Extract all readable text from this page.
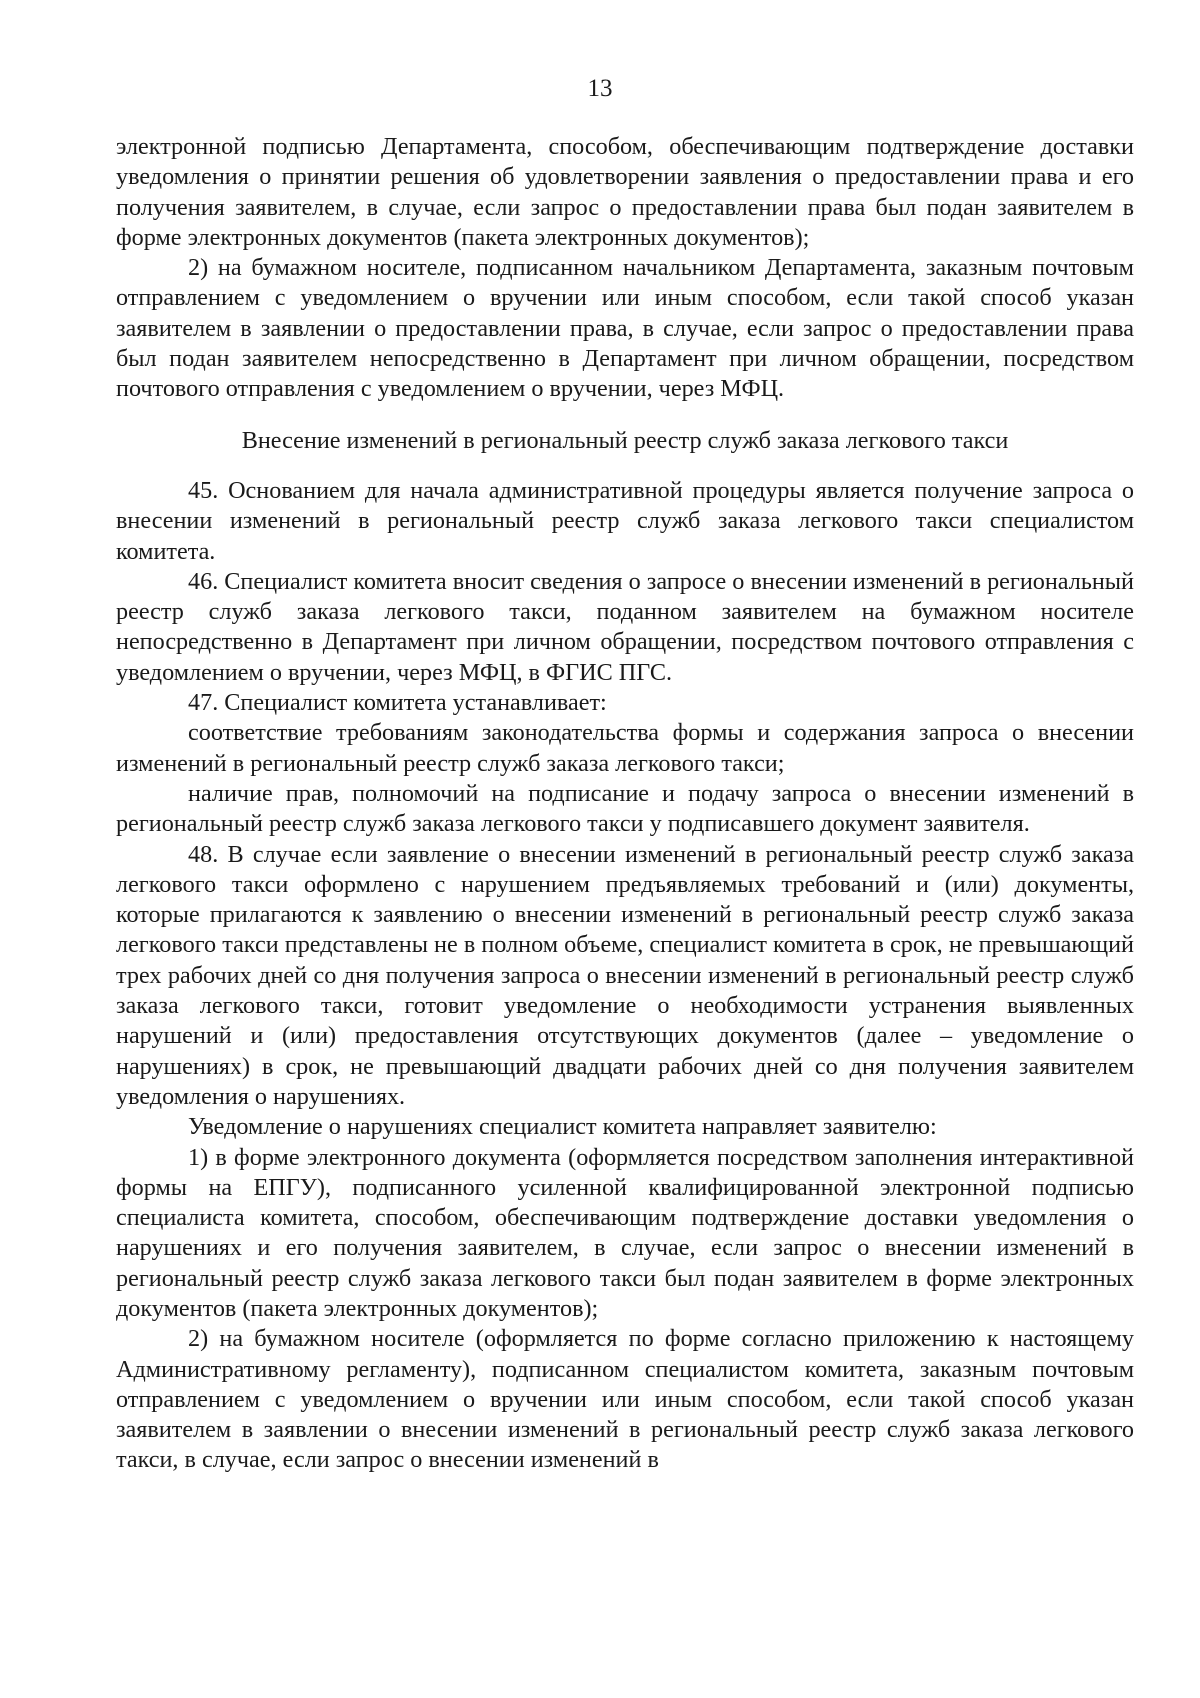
13

электронной подписью Департамента, способом, обеспечивающим подтверждение доставки уведомления о принятии решения об удовлетворении заявления о предоставлении права и его получения заявителем, в случае, если запрос о предоставлении права был подан заявителем в форме электронных документов (пакета электронных документов);

2) на бумажном носителе, подписанном начальником Департамента, заказным почтовым отправлением с уведомлением о вручении или иным способом, если такой способ указан заявителем в заявлении о предоставлении права, в случае, если запрос о предоставлении права был подан заявителем непосредственно в Департамент при личном обращении, посредством почтового отправления с уведомлением о вручении, через МФЦ.

Внесение изменений в региональный реестр служб заказа легкового такси

45. Основанием для начала административной процедуры является получение запроса о внесении изменений в региональный реестр служб заказа легкового такси специалистом комитета.

46. Специалист комитета вносит сведения о запросе о внесении изменений в региональный реестр служб заказа легкового такси, поданном заявителем на бумажном носителе непосредственно в Департамент при личном обращении, посредством почтового отправления с уведомлением о вручении, через МФЦ, в ФГИС ПГС.

47. Специалист комитета устанавливает:

соответствие требованиям законодательства формы и содержания запроса о внесении изменений в региональный реестр служб заказа легкового такси;

наличие прав, полномочий на подписание и подачу запроса о внесении изменений в региональный реестр служб заказа легкового такси у подписавшего документ заявителя.

48. В случае если заявление о внесении изменений в региональный реестр служб заказа легкового такси оформлено с нарушением предъявляемых требований и (или) документы, которые прилагаются к заявлению о внесении изменений в региональный реестр служб заказа легкового такси представлены не в полном объеме, специалист комитета в срок, не превышающий трех рабочих дней со дня получения запроса о внесении изменений в региональный реестр служб заказа легкового такси, готовит уведомление о необходимости устранения выявленных нарушений и (или) предоставления отсутствующих документов (далее – уведомление о нарушениях) в срок, не превышающий двадцати рабочих дней со дня получения заявителем уведомления о нарушениях.

Уведомление о нарушениях специалист комитета направляет заявителю:

1) в форме электронного документа (оформляется посредством заполнения интерактивной формы на ЕПГУ), подписанного усиленной квалифицированной электронной подписью специалиста комитета, способом, обеспечивающим подтверждение доставки уведомления о нарушениях и его получения заявителем, в случае, если запрос о внесении изменений в региональный реестр служб заказа легкового такси был подан заявителем в форме электронных документов (пакета электронных документов);

2) на бумажном носителе (оформляется по форме согласно приложению к настоящему Административному регламенту), подписанном специалистом комитета, заказным почтовым отправлением с уведомлением о вручении или иным способом, если такой способ указан заявителем в заявлении о внесении изменений в региональный реестр служб заказа легкового такси, в случае, если запрос о внесении изменений в
